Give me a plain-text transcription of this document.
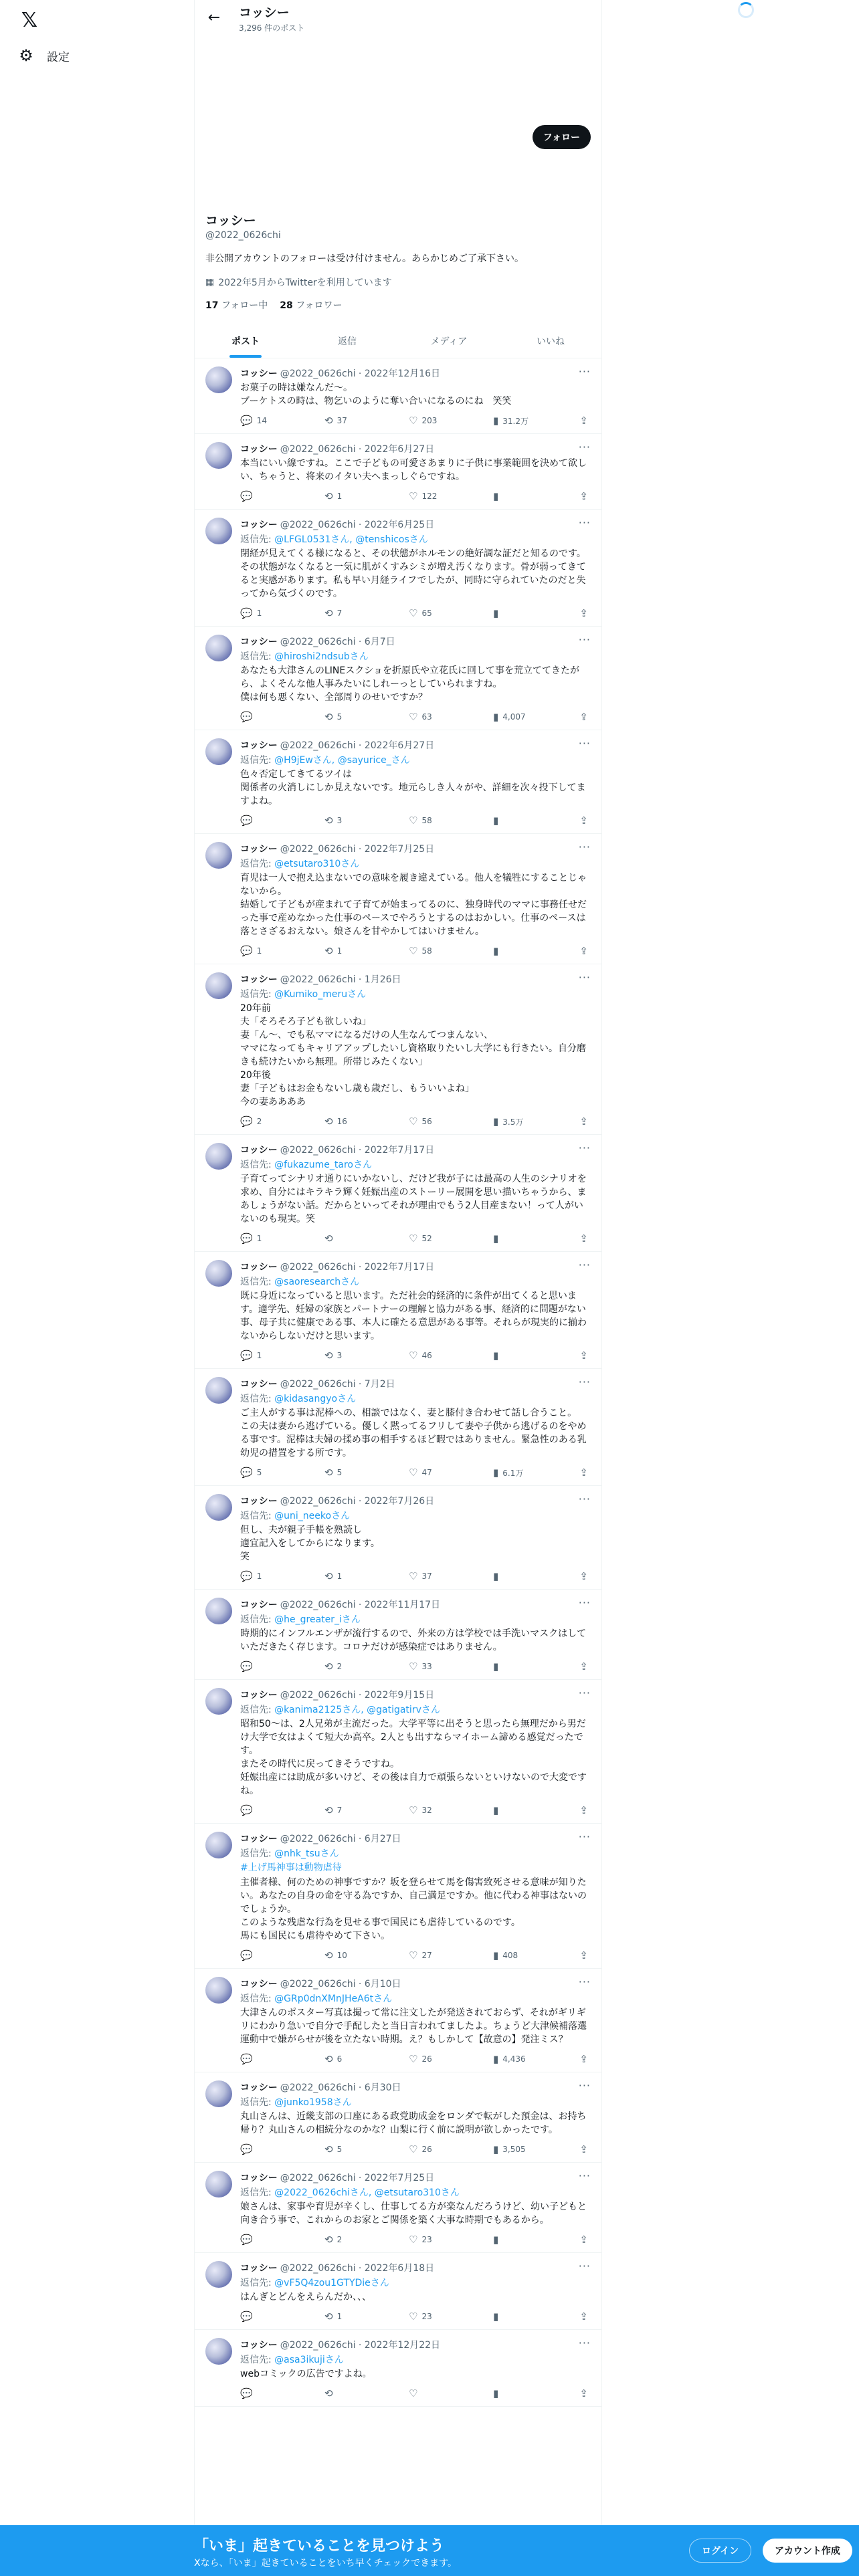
𝕏
⚙ 設定
←	コッシー
3,296 件のポスト
フォロー
コッシー
@2022_0626chi
非公開アカウントのフォローは受け付けません。あらかじめご了承下さい。
▦ 2022年5月からTwitterを利用しています
17 フォロー中 28 フォロワー
ポスト	返信	メディア	いいね
···
コッシー @2022_0626chi · 2022年12月16日
お菓子の時は嫌なんだ〜。
ブーケトスの時は、物乞いのように奪い合いになるのにね　笑笑
💬 14	⟲ 37	♡ 203	▮ 31.2万	⇪
···
コッシー @2022_0626chi · 2022年6月27日
本当にいい線ですね。ここで子どもの可愛さあまりに子供に事業範囲を決めて欲しい、ちゃうと、将来のイタい夫へまっしぐらですね。
💬	⟲ 1	♡ 122	▮	⇪
···
コッシー @2022_0626chi · 2022年6月25日
返信先: @LFGL0531さん, @tenshicosさん
閉経が見えてくる様になると、その状態がホルモンの絶好調な証だと知るのです。その状態がなくなると一気に肌がくすみシミが増え汚くなります。骨が弱ってきてると実感があります。私も早い月経ライフでしたが、同時に守られていたのだと失ってから気づくのです。
💬 1	⟲ 7	♡ 65	▮	⇪
···
コッシー @2022_0626chi · 6月7日
返信先: @hiroshi2ndsubさん
あなたも大津さんのLINEスクショを折原氏や立花氏に回して事を荒立ててきたがら、よくそんな他人事みたいにしれーっとしていられますね。
僕は何も悪くない、全部周りのせいですか？
💬	⟲ 5	♡ 63	▮ 4,007	⇪
···
コッシー @2022_0626chi · 2022年6月27日
返信先: @H9jEwさん, @sayurice_さん
色々否定してきてるツイは
関係者の火消しにしか見えないです。地元らしき人々がや、詳細を次々投下してますよね。
💬	⟲ 3	♡ 58	▮	⇪
···
コッシー @2022_0626chi · 2022年7月25日
返信先: @etsutaro310さん
育児は一人で抱え込まないでの意味を履き違えている。他人を犠牲にすることじゃないから。
結婚して子どもが産まれて子育てが始まってるのに、独身時代のママに事務任せだった事で産めなかった仕事のペースでやろうとするのはおかしい。仕事のペースは落とさざるおえない。娘さんを甘やかしてはいけません。
💬 1	⟲ 1	♡ 58	▮	⇪
···
コッシー @2022_0626chi · 1月26日
返信先: @Kumiko_meruさん
20年前
夫「そろそろ子ども欲しいね」
妻「ん〜、でも私ママになるだけの人生なんてつまんない、
ママになってもキャリアアップしたいし資格取りたいし大学にも行きたい。自分磨きも続けたいから無理。所帯じみたくない」
20年後
妻「子どもはお金もないし歳も歳だし、もういいよね」
今の妻ああああ
💬 2	⟲ 16	♡ 56	▮ 3.5万	⇪
···
コッシー @2022_0626chi · 2022年7月17日
返信先: @fukazume_taroさん
子育てってシナリオ通りにいかないし、だけど我が子には最高の人生のシナリオを求め、自分にはキラキラ輝く妊娠出産のストーリー展開を思い描いちゃうから、まあしょうがない話。だからといってそれが理由でもう2人目産まない！って人がいないのも現実。笑
💬 1	⟲	♡ 52	▮	⇪
···
コッシー @2022_0626chi · 2022年7月17日
返信先: @saoresearchさん
既に身近になっていると思います。ただ社会的経済的に条件が出てくると思います。適学先、妊婦の家族とパートナーの理解と協力がある事、経済的に問題がない事、母子共に健康である事、本人に確たる意思がある事等。それらが現実的に揃わないからしないだけと思います。
💬 1	⟲ 3	♡ 46	▮	⇪
···
コッシー @2022_0626chi · 7月2日
返信先: @kidasangyoさん
ご主人がする事は泥棒への、相談ではなく、妻と膝付き合わせて話し合うこと。
この夫は妻から逃げている。優しく黙ってるフリして妻や子供から逃げるのをやめる事です。泥棒は夫婦の揉め事の相手するほど暇ではありません。緊急性のある乳幼児の措置をする所です。
💬 5	⟲ 5	♡ 47	▮ 6.1万	⇪
···
コッシー @2022_0626chi · 2022年7月26日
返信先: @uni_neekoさん
但し、夫が親子手帳を熟読し
適宜記入をしてからになります。
笑
💬 1	⟲ 1	♡ 37	▮	⇪
···
コッシー @2022_0626chi · 2022年11月17日
返信先: @he_greater_iさん
時期的にインフルエンザが流行するので、外来の方は学校では手洗いマスクはしていただきたく存じます。コロナだけが感染症ではありません。
💬	⟲ 2	♡ 33	▮	⇪
···
コッシー @2022_0626chi · 2022年9月15日
返信先: @kanima2125さん, @gatigatirvさん
昭和50〜は、2人兄弟が主流だった。大学平等に出そうと思ったら無理だから男だけ大学で女はよくて短大か高卒。2人とも出すならマイホーム諦める感覚だったです。
またその時代に戻ってきそうですね。
妊娠出産には助成が多いけど、その後は自力で頑張らないといけないので大変ですね。
💬	⟲ 7	♡ 32	▮	⇪
···
コッシー @2022_0626chi · 6月27日
返信先: @nhk_tsuさん
#上げ馬神事は動物虐待
主催者様、何のための神事ですか？坂を登らせて馬を傷害致死させる意味が知りたい。あなたの自身の命を守る為ですか、自己満足ですか。他に代わる神事はないのでしょうか。
このような残虐な行為を見せる事で国民にも虐待しているのです。
馬にも国民にも虐待やめて下さい。
💬	⟲ 10	♡ 27	▮ 408	⇪
···
コッシー @2022_0626chi · 6月10日
返信先: @GRp0dnXMnJHeA6tさん
大津さんのポスター写真は撮って常に注文したが発送されておらず、それがギリギリにわかり急いで自分で手配したと当日言われてましたよ。ちょうど大津候補落選運動中で嫌がらせが後を立たない時期。え？もしかして【故意の】発注ミス？
💬	⟲ 6	♡ 26	▮ 4,436	⇪
···
コッシー @2022_0626chi · 6月30日
返信先: @junko1958さん
丸山さんは、近畿支部の口座にある政党助成金をロンダで転がした預金は、お持ち帰り？丸山さんの相続分なのかな？山梨に行く前に説明が欲しかったです。
💬	⟲ 5	♡ 26	▮ 3,505	⇪
···
コッシー @2022_0626chi · 2022年7月25日
返信先: @2022_0626chiさん, @etsutaro310さん
娘さんは、家事や育児が辛くし、仕事してる方が楽なんだろうけど、幼い子どもと向き合う事で、これからのお家とご関係を築く大事な時期でもあるから。
💬	⟲ 2	♡ 23	▮	⇪
···
コッシー @2022_0626chi · 2022年6月18日
返信先: @vF5Q4zou1GTYDieさん
はんぎとどんをえらんだか、、、
💬	⟲ 1	♡ 23	▮	⇪
···
コッシー @2022_0626chi · 2022年12月22日
返信先: @asa3ikujiさん
webコミックの広告ですよね。
💬	⟲	♡	▮	⇪
「いま」起きていることを見つけよう
Xなら、「いま」起きていることをいち早くチェックできます。
ログイン	アカウント作成
